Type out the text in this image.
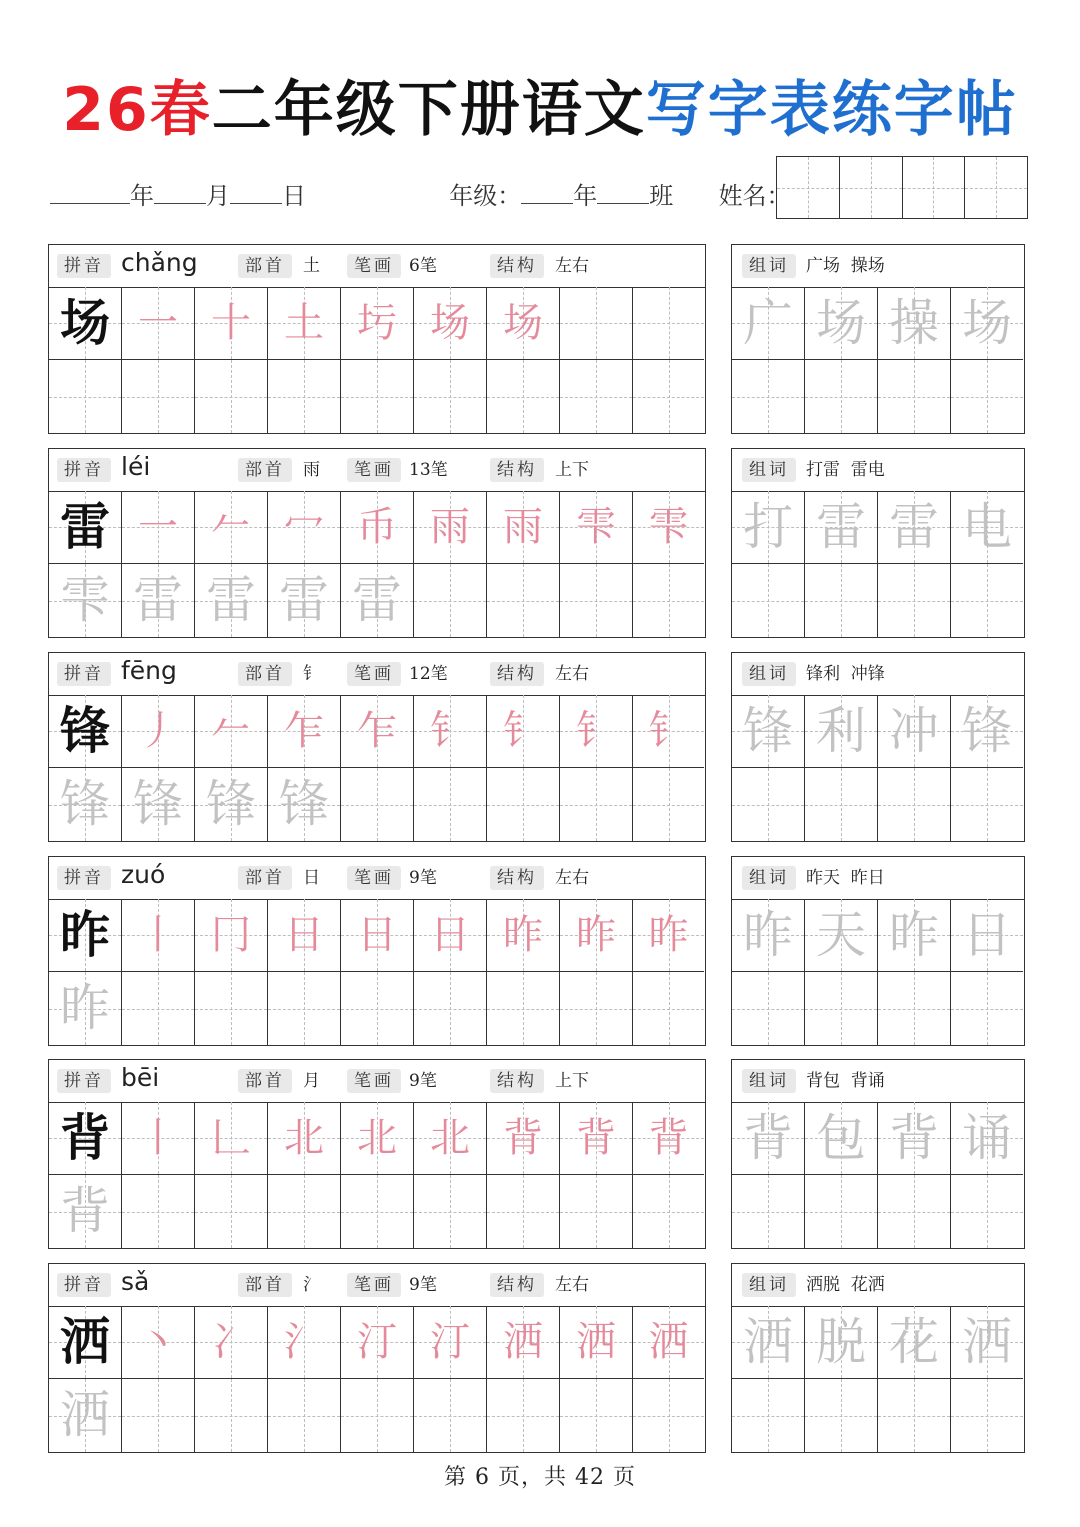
26春二年级下册语文写字表练字帖
年 月 日	年级： 年 班 姓名：
拼音 chǎng	部首	土	笔画 6笔	结构	左右
场 一 十 土 圬 场 场
组词	广场  操场
广 场 操 场
拼音 léi	部首	雨	笔画 13笔	结构	上下
雷 一 𠂉 冖 币 雨 雨 雫 雫
雫 雷 雷 雷 雷
组词	打雷  雷电
打 雷 雷 电
拼音 fēng	部首	钅	笔画 12笔	结构	左右
锋 丿 𠂉 乍 乍 钅 钅 钅 钅
锋 锋 锋 锋
组词	锋利  冲锋
锋 利 冲 锋
拼音 zuó	部首	日	笔画 9笔	结构	左右
昨 丨 冂 日 日 日 昨 昨 昨
昨
组词	昨天  昨日
昨 天 昨 日
拼音 bēi	部首	月	笔画 9笔	结构	上下
背 丨 𠃊 北 北 北 背 背 背
背
组词	背包  背诵
背 包 背 诵
拼音 sǎ	部首	氵	笔画 9笔	结构	左右
洒 丶 冫 氵 汀 汀 洒 洒 洒
洒
组词	洒脱  花洒
洒 脱 花 洒
第 6 页，共 42 页
